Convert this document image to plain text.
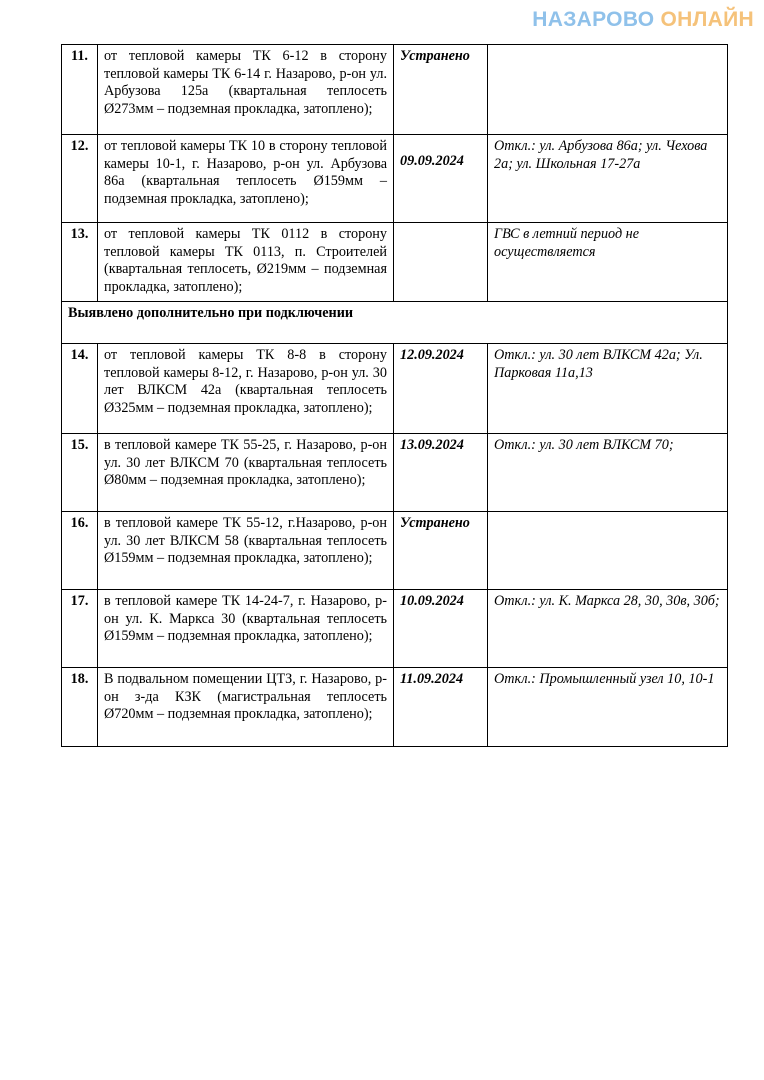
НАЗАРОВО ОНЛАЙН
11.	от тепловой камеры ТК 6-12 в сторону тепловой камеры ТК 6-14 г. Назарово, р-он ул. Арбузова 125а (квартальная теплосеть Ø273мм – подземная прокладка, затоплено);	Устранено	
12.	от тепловой камеры ТК 10 в сторону тепловой камеры 10-1, г. Назарово, р-он ул. Арбузова 86а (квартальная теплосеть Ø159мм – подземная прокладка, затоплено);	09.09.2024	Откл.: ул. Арбузова 86а; ул. Чехова 2а; ул. Школьная 17-27а
13.	от тепловой камеры ТК 0112 в сторону тепловой камеры ТК 0113, п. Строителей (квартальная теплосеть, Ø219мм – подземная прокладка, затоплено);		ГВС в летний период не осуществляется
Выявлено дополнительно при подключении			
14.	от тепловой камеры ТК 8-8 в сторону тепловой камеры 8-12, г. Назарово, р-он ул. 30 лет ВЛКСМ 42а (квартальная теплосеть Ø325мм – подземная прокладка, затоплено);	12.09.2024	Откл.: ул. 30 лет ВЛКСМ 42а; Ул. Парковая 11а,13
15.	в тепловой камере ТК 55-25, г. Назарово, р-он ул. 30 лет ВЛКСМ 70 (квартальная теплосеть Ø80мм – подземная прокладка, затоплено);	13.09.2024	Откл.: ул. 30 лет ВЛКСМ 70;
16.	в тепловой камере ТК 55-12, г.Назарово, р-он ул. 30 лет ВЛКСМ 58 (квартальная теплосеть Ø159мм – подземная прокладка, затоплено);	Устранено	
17.	в тепловой камере ТК 14-24-7, г. Назарово, р-он ул. К. Маркса 30 (квартальная теплосеть Ø159мм – подземная прокладка, затоплено);	10.09.2024	Откл.: ул. К. Маркса 28, 30, 30в, 30б;
18.	В подвальном помещении ЦТЗ, г. Назарово, р-он з-да КЗК (магистральная теплосеть Ø720мм – подземная прокладка, затоплено);	11.09.2024	Откл.: Промышленный узел 10, 10-1
